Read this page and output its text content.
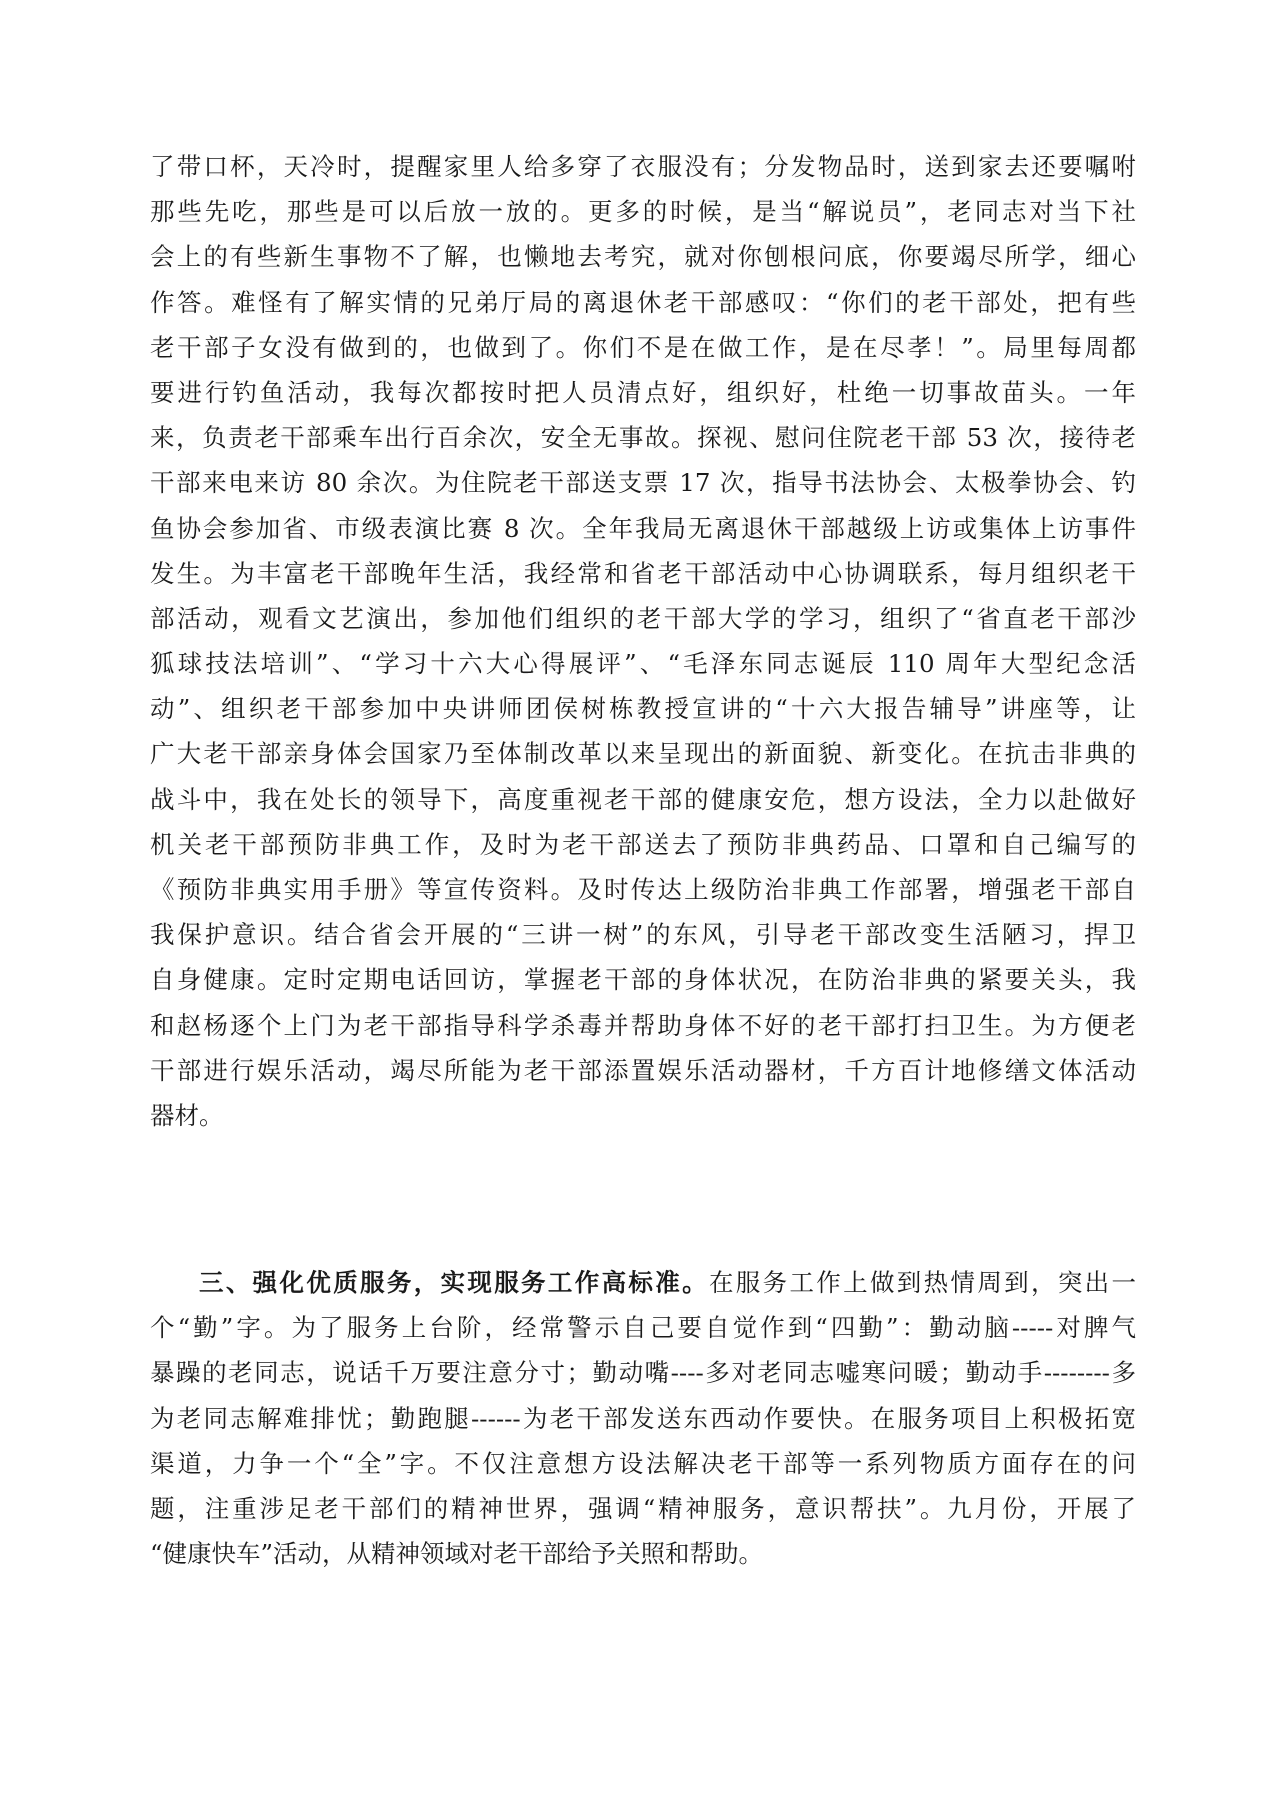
了带口杯，天冷时，提醒家里人给多穿了衣服没有；分发物品时，送到家去还要嘱咐
那些先吃，那些是可以后放一放的。更多的时候，是当“解说员”，老同志对当下社
会上的有些新生事物不了解，也懒地去考究，就对你刨根问底，你要竭尽所学，细心
作答。难怪有了解实情的兄弟厅局的离退休老干部感叹：“你们的老干部处，把有些
老干部子女没有做到的，也做到了。你们不是在做工作，是在尽孝！”。局里每周都
要进行钓鱼活动，我每次都按时把人员清点好，组织好，杜绝一切事故苗头。一年
来，负责老干部乘车出行百余次，安全无事故。探视、慰问住院老干部 53 次，接待老
干部来电来访 80 余次。为住院老干部送支票 17 次，指导书法协会、太极拳协会、钓
鱼协会参加省、市级表演比赛 8 次。全年我局无离退休干部越级上访或集体上访事件
发生。为丰富老干部晚年生活，我经常和省老干部活动中心协调联系，每月组织老干
部活动，观看文艺演出，参加他们组织的老干部大学的学习，组织了“省直老干部沙
狐球技法培训”、“学习十六大心得展评”、“毛泽东同志诞辰 110 周年大型纪念活
动”、组织老干部参加中央讲师团侯树栋教授宣讲的“十六大报告辅导”讲座等，让
广大老干部亲身体会国家乃至体制改革以来呈现出的新面貌、新变化。在抗击非典的
战斗中，我在处长的领导下，高度重视老干部的健康安危，想方设法，全力以赴做好
机关老干部预防非典工作，及时为老干部送去了预防非典药品、口罩和自己编写的
《预防非典实用手册》等宣传资料。及时传达上级防治非典工作部署，增强老干部自
我保护意识。结合省会开展的“三讲一树”的东风，引导老干部改变生活陋习，捍卫
自身健康。定时定期电话回访，掌握老干部的身体状况，在防治非典的紧要关头，我
和赵杨逐个上门为老干部指导科学杀毒并帮助身体不好的老干部打扫卫生。为方便老
干部进行娱乐活动，竭尽所能为老干部添置娱乐活动器材，千方百计地修缮文体活动
器材。
三、强化优质服务，实现服务工作高标准。在服务工作上做到热情周到，突出一
个“勤”字。为了服务上台阶，经常警示自己要自觉作到“四勤”：勤动脑-----对脾气
暴躁的老同志，说话千万要注意分寸；勤动嘴----多对老同志嘘寒问暖；勤动手--------多
为老同志解难排忧；勤跑腿------为老干部发送东西动作要快。在服务项目上积极拓宽
渠道，力争一个“全”字。不仅注意想方设法解决老干部等一系列物质方面存在的问
题，注重涉足老干部们的精神世界，强调“精神服务，意识帮扶”。九月份，开展了
“健康快车”活动，从精神领域对老干部给予关照和帮助。
